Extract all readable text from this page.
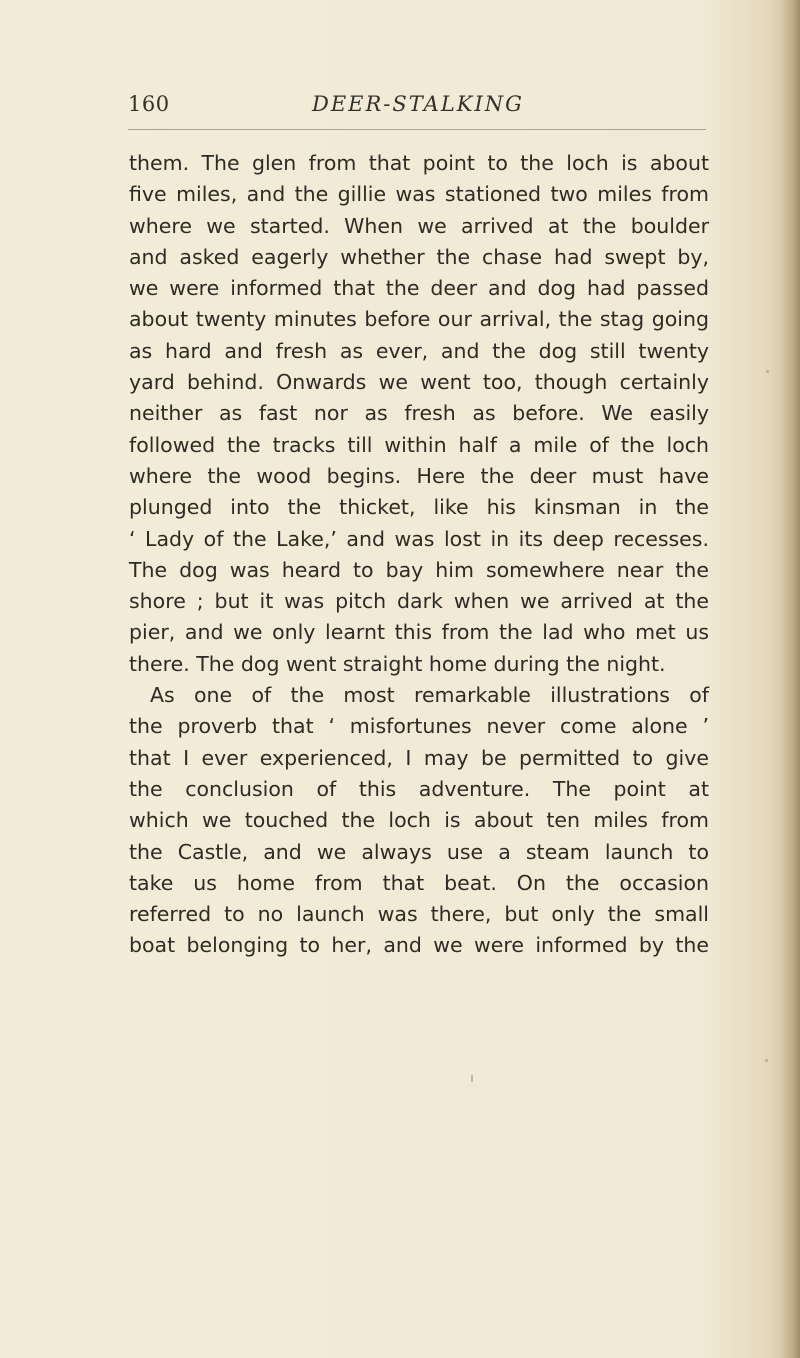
160	DEER-STALKING
them. The glen from that point to the loch is about
five miles, and the gillie was stationed two miles from
where we started. When we arrived at the boulder
and asked eagerly whether the chase had swept by,
we were informed that the deer and dog had passed
about twenty minutes before our arrival, the stag going
as hard and fresh as ever, and the dog still twenty
yard behind. Onwards we went too, though certainly
neither as fast nor as fresh as before. We easily
followed the tracks till within half a mile of the loch
where the wood begins. Here the deer must have
plunged into the thicket, like his kinsman in the
‘ Lady of the Lake,’ and was lost in its deep recesses.
The dog was heard to bay him somewhere near the
shore ; but it was pitch dark when we arrived at the
pier, and we only learnt this from the lad who met us
there. The dog went straight home during the night.
As one of the most remarkable illustrations of
the proverb that ‘ misfortunes never come alone ’
that I ever experienced, I may be permitted to give
the conclusion of this adventure. The point at
which we touched the loch is about ten miles from
the Castle, and we always use a steam launch to
take us home from that beat. On the occasion
referred to no launch was there, but only the small
boat belonging to her, and we were informed by the
